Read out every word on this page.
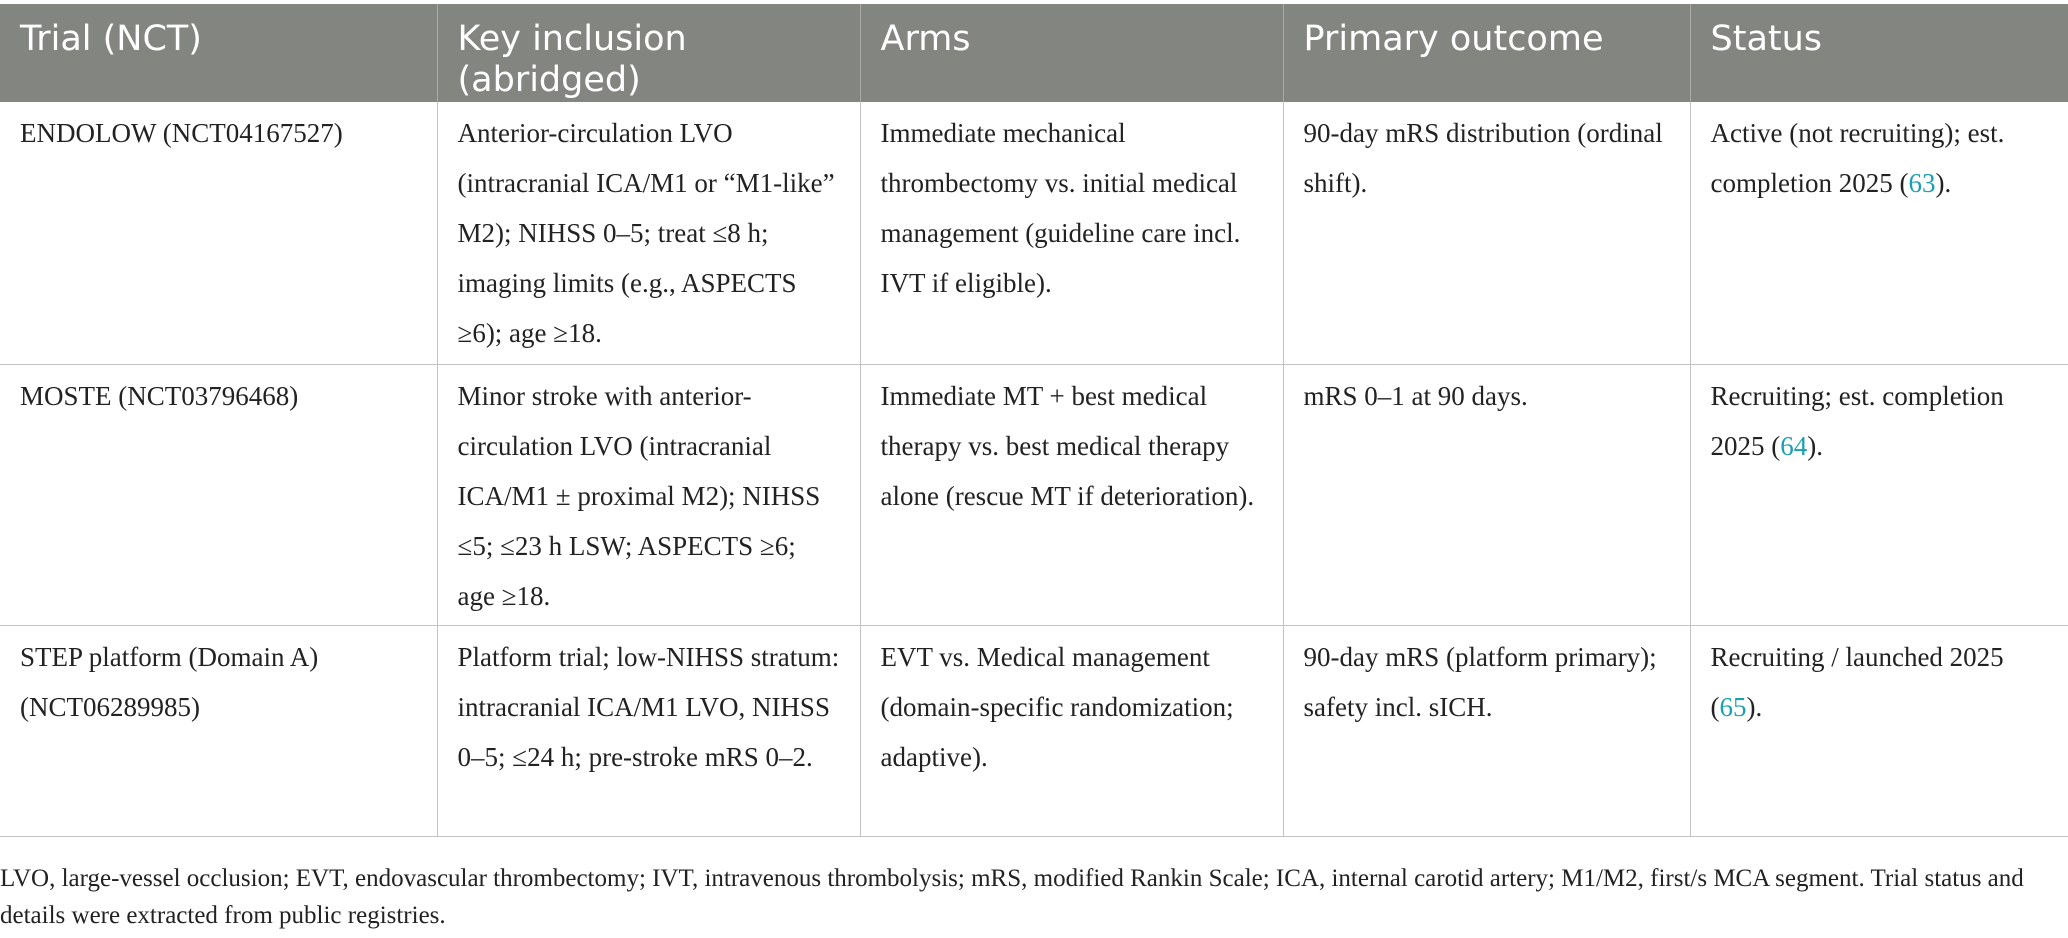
Trial (NCT)	Key inclusion (abridged)	Arms	Primary outcome	Status
ENDOLOW (NCT04167527)	Anterior-circulation LVO (intracranial ICA/M1 or “M1-like” M2); NIHSS 0–5; treat ≤8 h; imaging limits (e.g., ASPECTS ≥6); age ≥18.	Immediate mechanical thrombectomy vs. initial medical management (guideline care incl. IVT if eligible).	90-day mRS distribution (ordinal shift).	Active (not recruiting); est. completion 2025 (63).
MOSTE (NCT03796468)	Minor stroke with anterior-circulation LVO (intracranial ICA/M1 ± proximal M2); NIHSS ≤5; ≤23 h LSW; ASPECTS ≥6; age ≥18.	Immediate MT + best medical therapy vs. best medical therapy alone (rescue MT if deterioration).	mRS 0–1 at 90 days.	Recruiting; est. completion 2025 (64).
STEP platform (Domain A) (NCT06289985)	Platform trial; low-NIHSS stratum: intracranial ICA/M1 LVO, NIHSS 0–5; ≤24 h; pre-stroke mRS 0–2.	EVT vs. Medical management (domain-specific randomization; adaptive).	90-day mRS (platform primary); safety incl. sICH.	Recruiting / launched 2025 (65).
LVO, large-vessel occlusion; EVT, endovascular thrombectomy; IVT, intravenous thrombolysis; mRS, modified Rankin Scale; ICA, internal carotid artery; M1/M2, first/s MCA segment. Trial status and details were extracted from public registries.
